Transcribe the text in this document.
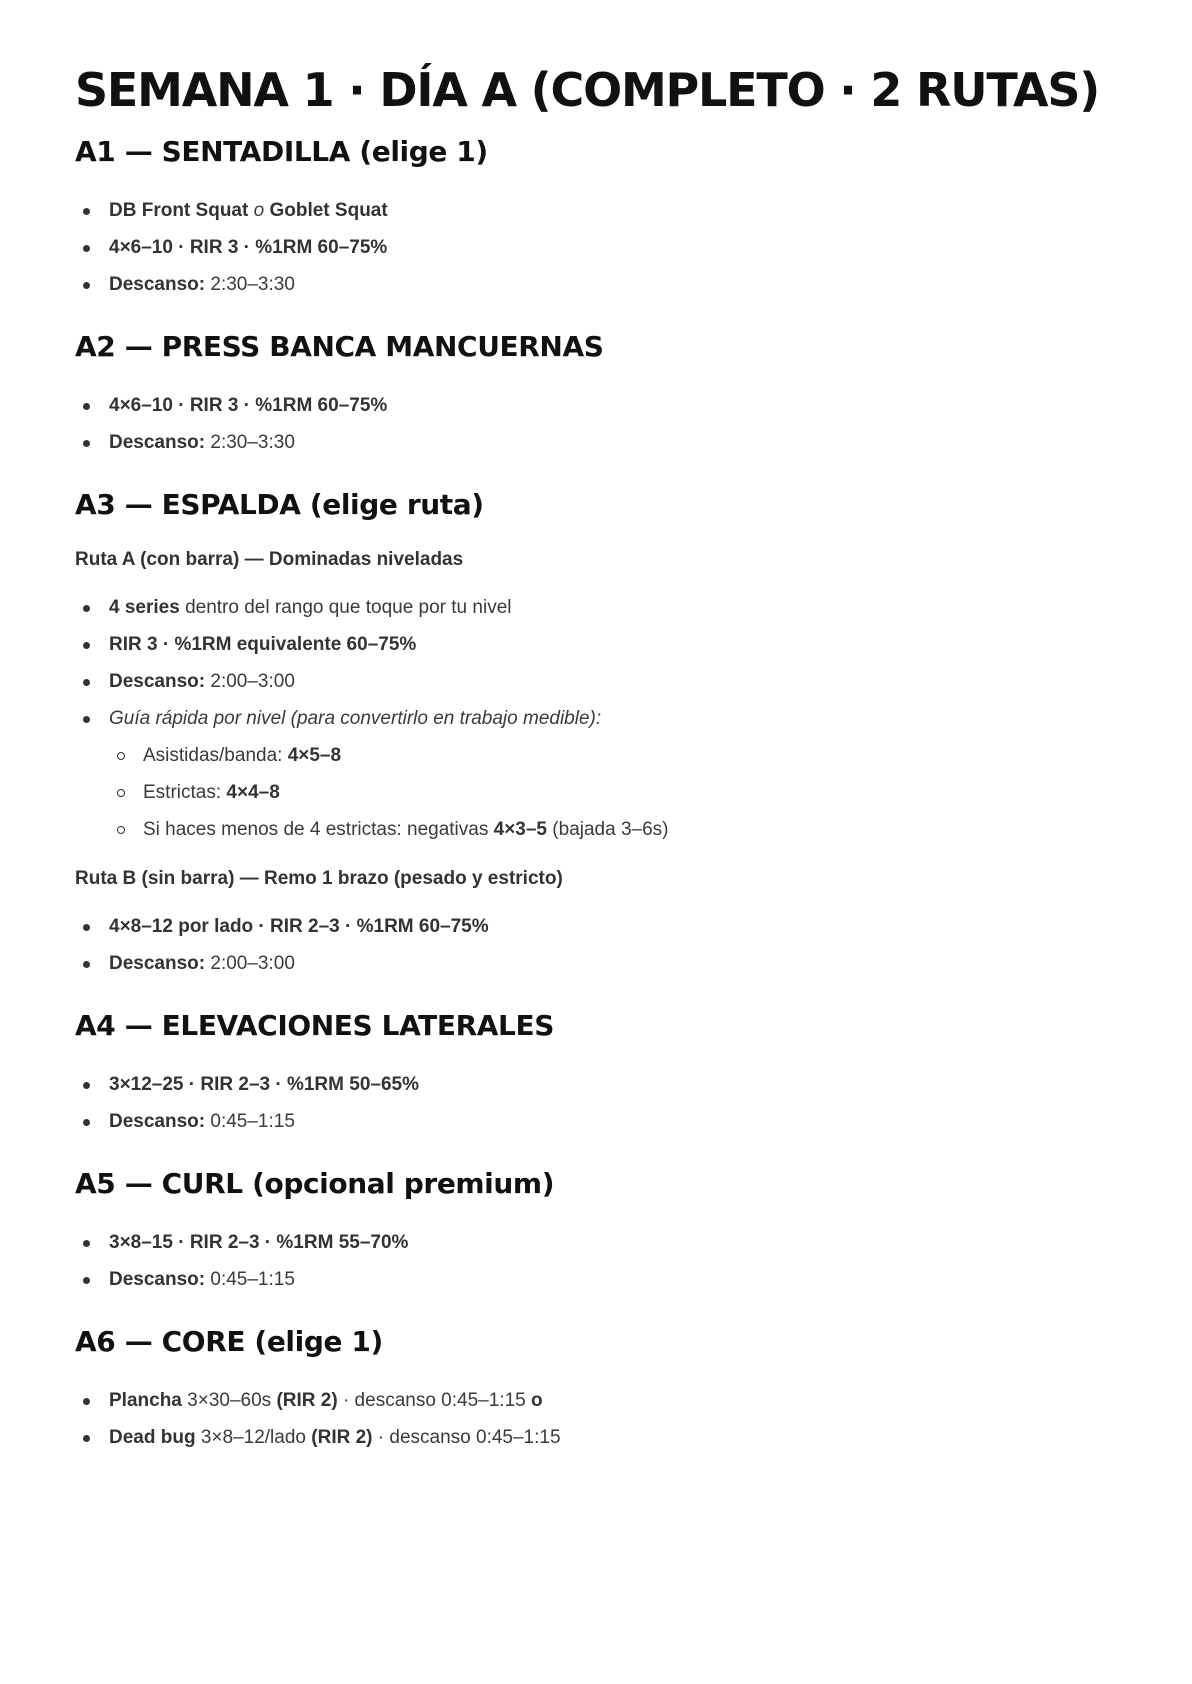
SEMANA 1 · DÍA A (COMPLETO · 2 RUTAS)
A1 — SENTADILLA (elige 1)
DB Front Squat o Goblet Squat
4×6–10 · RIR 3 · %1RM 60–75%
Descanso: 2:30–3:30
A2 — PRESS BANCA MANCUERNAS
4×6–10 · RIR 3 · %1RM 60–75%
Descanso: 2:30–3:30
A3 — ESPALDA (elige ruta)
Ruta A (con barra) — Dominadas niveladas
4 series dentro del rango que toque por tu nivel
RIR 3 · %1RM equivalente 60–75%
Descanso: 2:00–3:00
Guía rápida por nivel (para convertirlo en trabajo medible):
Asistidas/banda: 4×5–8
Estrictas: 4×4–8
Si haces menos de 4 estrictas: negativas 4×3–5 (bajada 3–6s)
Ruta B (sin barra) — Remo 1 brazo (pesado y estricto)
4×8–12 por lado · RIR 2–3 · %1RM 60–75%
Descanso: 2:00–3:00
A4 — ELEVACIONES LATERALES
3×12–25 · RIR 2–3 · %1RM 50–65%
Descanso: 0:45–1:15
A5 — CURL (opcional premium)
3×8–15 · RIR 2–3 · %1RM 55–70%
Descanso: 0:45–1:15
A6 — CORE (elige 1)
Plancha 3×30–60s (RIR 2) · descanso 0:45–1:15 o
Dead bug 3×8–12/lado (RIR 2) · descanso 0:45–1:15
